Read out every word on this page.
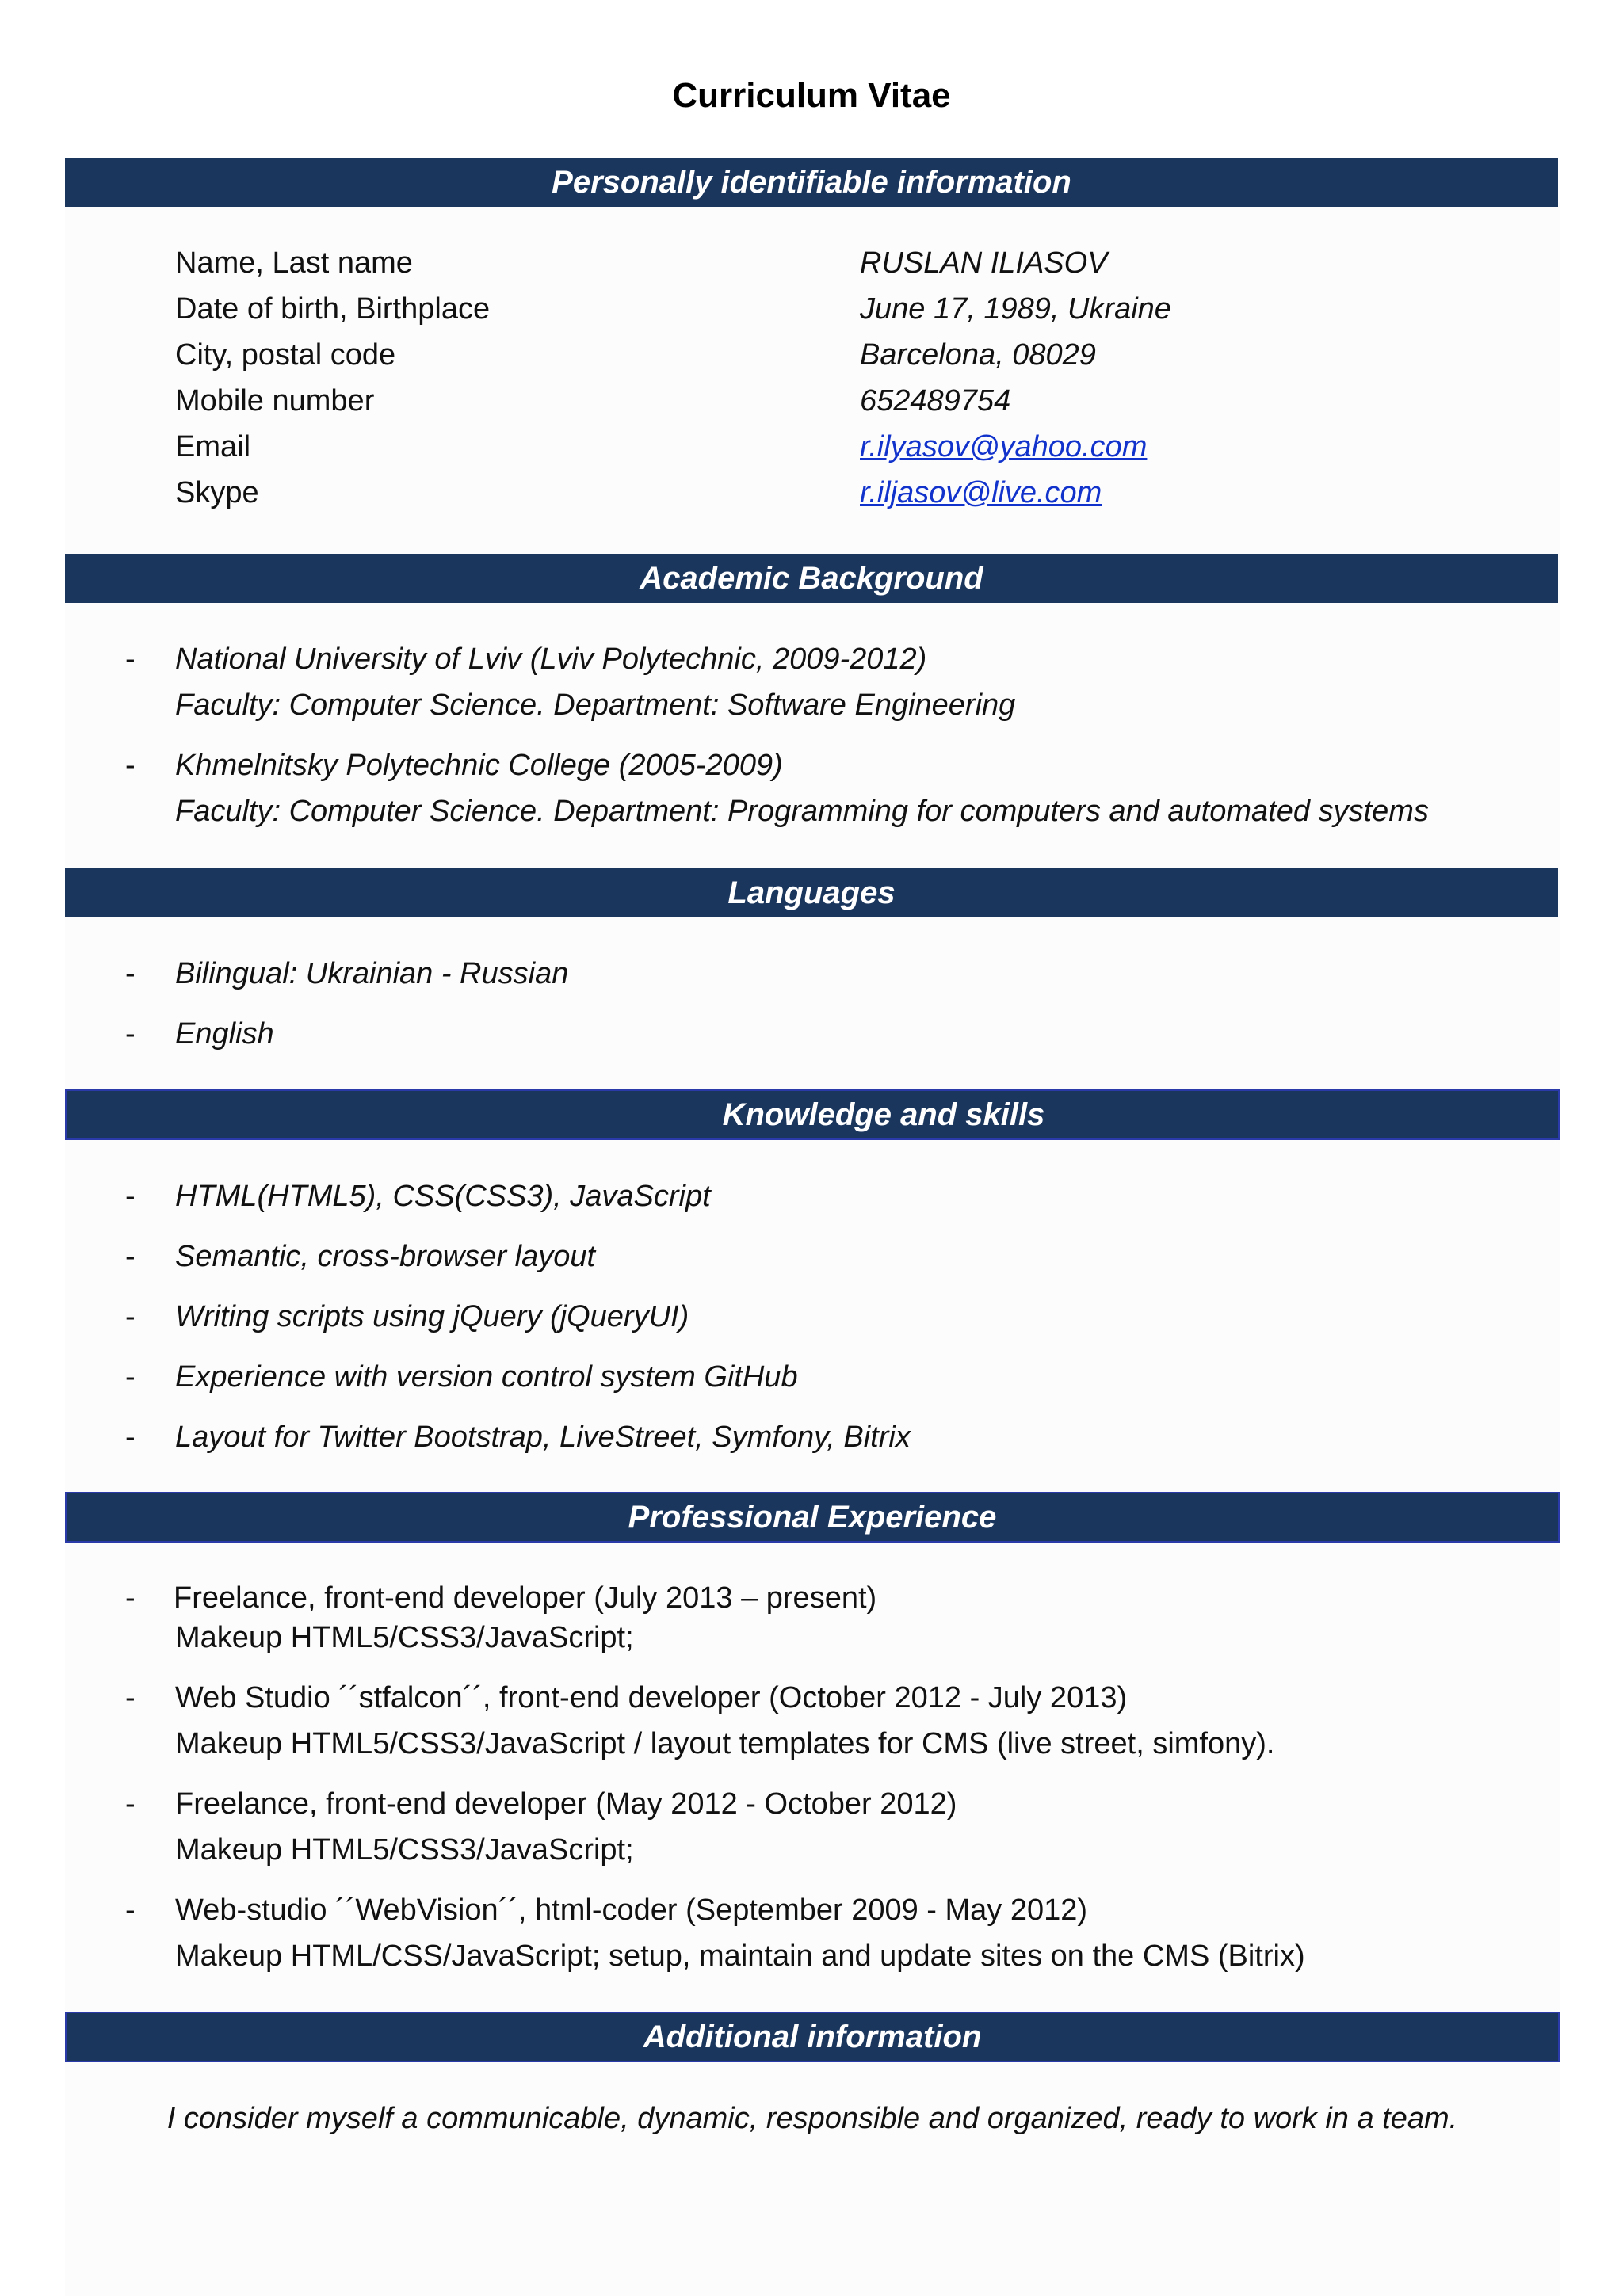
Curriculum Vitae
Personally identifiable information
Name, Last name	RUSLAN ILIASOV
Date of birth, Birthplace	June 17, 1989, Ukraine
City, postal code	Barcelona, 08029
Mobile number	652489754
Email	r.ilyasov@yahoo.com
Skype	r.iljasov@live.com
Academic Background
- National University of Lviv (Lviv Polytechnic, 2009-2012)
Faculty: Computer Science. Department: Software Engineering
- Khmelnitsky Polytechnic College (2005-2009)
Faculty: Computer Science. Department: Programming for computers and automated systems
Languages
- Bilingual: Ukrainian - Russian
- English
Knowledge and skills
- HTML(HTML5), CSS(CSS3), JavaScript
- Semantic, cross-browser layout
- Writing scripts using jQuery (jQueryUI)
- Experience with version control system GitHub
- Layout for Twitter Bootstrap, LiveStreet, Symfony, Bitrix
Professional Experience
- Freelance, front-end developer (July 2013 – present)
Makeup HTML5/CSS3/JavaScript;
- Web Studio ´´stfalcon´´, front-end developer (October 2012 - July 2013)
Makeup HTML5/CSS3/JavaScript / layout templates for CMS (live street, simfony).
- Freelance, front-end developer (May 2012 - October 2012)
Makeup HTML5/CSS3/JavaScript;
- Web-studio ´´WebVision´´, html-coder (September 2009 - May 2012)
Makeup HTML/CSS/JavaScript; setup, maintain and update sites on the CMS (Bitrix)
Additional information
I consider myself a communicable, dynamic, responsible and organized, ready to work in a team.
